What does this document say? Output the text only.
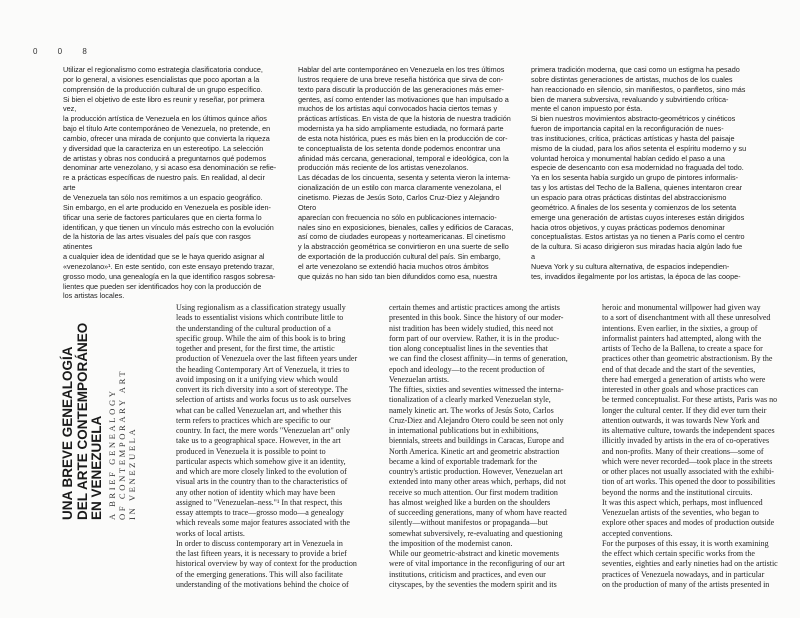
0 0 8

Utilizar el regionalismo como estrategia clasificatoria conduce,
por lo general, a visiones esencialistas que poco aportan a la
comprensión de la producción cultural de un grupo específico.
Si bien el objetivo de este libro es reunir y reseñar, por primera vez,
la producción artística de Venezuela en los últimos quince años
bajo el título Arte contemporáneo de Venezuela, no pretende, en
cambio, ofrecer una mirada de conjunto que convierta la riqueza
y diversidad que la caracteriza en un estereotipo. La selección
de artistas y obras nos conducirá a preguntarnos qué podemos
denominar arte venezolano, y si acaso esa denominación se refie-
re a prácticas específicas de nuestro país. En realidad, al decir arte
de Venezuela tan sólo nos remitimos a un espacio geográfico.
Sin embargo, en el arte producido en Venezuela es posible iden-
tificar una serie de factores particulares que en cierta forma lo
identifican, y que tienen un vínculo más estrecho con la evolución
de la historia de las artes visuales del país que con rasgos atinentes
a cualquier idea de identidad que se le haya querido asignar al
«venezolano»¹. En este sentido, con este ensayo pretendo trazar,
grosso modo, una genealogía en la que identifico rasgos sobresa-
lientes que pueden ser identificados hoy con la producción de
los artistas locales.

Hablar del arte contemporáneo en Venezuela en los tres últimos
lustros requiere de una breve reseña histórica que sirva de con-
texto para discutir la producción de las generaciones más emer-
gentes, así como entender las motivaciones que han impulsado a
muchos de los artistas aquí convocados hacia ciertos temas y
prácticas artísticas. En vista de que la historia de nuestra tradición
modernista ya ha sido ampliamente estudiada, no formará parte
de esta nota histórica, pues es más bien en la producción de cor-
te conceptualista de los setenta donde podemos encontrar una
afinidad más cercana, generacional, temporal e ideológica, con la
producción más reciente de los artistas venezolanos.
Las décadas de los cincuenta, sesenta y setenta vieron la interna-
cionalización de un estilo con marca claramente venezolana, el
cinetismo. Piezas de Jesús Soto, Carlos Cruz-Diez y Alejandro Otero
aparecían con frecuencia no sólo en publicaciones internacio-
nales sino en exposiciones, bienales, calles y edificios de Caracas,
así como de ciudades europeas y norteamericanas. El cinetismo
y la abstracción geométrica se convirtieron en una suerte de sello
de exportación de la producción cultural del país. Sin embargo,
el arte venezolano se extendió hacia muchos otros ámbitos
que quizás no han sido tan bien difundidos como esa, nuestra

primera tradición moderna, que casi como un estigma ha pesado
sobre distintas generaciones de artistas, muchos de los cuales
han reaccionado en silencio, sin manifiestos, o panfletos, sino más
bien de manera subversiva, revaluando y subvirtiendo crítica-
mente el canon impuesto por ésta.
Si bien nuestros movimientos abstracto-geométricos y cinéticos
fueron de importancia capital en la reconfiguración de nues-
tras instituciones, crítica, prácticas artísticas y hasta del paisaje
mismo de la ciudad, para los años setenta el espíritu moderno y su
voluntad heroica y monumental habían cedido el paso a una
especie de desencanto con esa modernidad no fraguada del todo.
Ya en los sesenta había surgido un grupo de pintores informalis-
tas y los artistas del Techo de la Ballena, quienes intentaron crear
un espacio para otras prácticas distintas del abstraccionismo
geométrico. A finales de los sesenta y comienzos de los setenta
emerge una generación de artistas cuyos intereses están dirigidos
hacia otros objetivos, y cuyas prácticas podemos denominar
conceptualistas. Estos artistas ya no tienen a París como el centro
de la cultura. Si acaso dirigieron sus miradas hacia algún lado fue a
Nueva York y su cultura alternativa, de espacios independien-
tes, invadidos ilegalmente por los artistas, la época de las coope-

UNA BREVE GENEALOGÍA
DEL ARTE CONTEMPORÁNEO
EN VENEZUELA

A BRIEF GENEALOGY
OF CONTEMPORARY ART
IN VENEZUELA

Using regionalism as a classification strategy usually
leads to essentialist visions which contribute little to
the understanding of the cultural production of a
specific group. While the aim of this book is to bring
together and present, for the first time, the artistic
production of Venezuela over the last fifteen years under
the heading Contemporary Art of Venezuela, it tries to
avoid imposing on it a unifying view which would
convert its rich diversity into a sort of stereotype. The
selection of artists and works focus us to ask ourselves
what can be called Venezuelan art, and whether this
term refers to practices which are specific to our
country. In fact, the mere words "Venezuelan art" only
take us to a geographical space. However, in the art
produced in Venezuela it is possible to point to
particular aspects which somehow give it an identity,
and which are more closely linked to the evolution of
visual arts in the country than to the characteristics of
any other notion of identity which may have been
assigned to "Venezuelan–ness."¹ In that respect, this
essay attempts to trace—grosso modo—a genealogy
which reveals some major features associated with the
works of local artists.
In order to discuss contemporary art in Venezuela in
the last fifteen years, it is necessary to provide a brief
historical overview by way of context for the production
of the emerging generations. This will also facilitate
understanding of the motivations behind the choice of

certain themes and artistic practices among the artists
presented in this book. Since the history of our moder-
nist tradition has been widely studied, this need not
form part of our overview. Rather, it is in the produc-
tion along conceptualist lines in the seventies that
we can find the closest affinity—in terms of generation,
epoch and ideology—to the recent production of
Venezuelan artists.
The fifties, sixties and seventies witnessed the interna-
tionalization of a clearly marked Venezuelan style,
namely kinetic art. The works of Jesús Soto, Carlos
Cruz-Diez and Alejandro Otero could be seen not only
in international publications but in exhibitions,
biennials, streets and buildings in Caracas, Europe and
North America. Kinetic art and geometric abstraction
became a kind of exportable trademark for the
country's artistic production. However, Venezuelan art
extended into many other areas which, perhaps, did not
receive so much attention. Our first modern tradition
has almost weighed like a burden on the shoulders
of succeeding generations, many of whom have reacted
silently—without manifestos or propaganda—but
somewhat subversively, re-evaluating and questioning
the imposition of the modernist canon.
While our geometric-abstract and kinetic movements
were of vital importance in the reconfiguring of our art
institutions, criticism and practices, and even our
cityscapes, by the seventies the modern spirit and its

heroic and monumental willpower had given way
to a sort of disenchantment with all these unresolved
intentions. Even earlier, in the sixties, a group of
informalist painters had attempted, along with the
artists of Techo de la Ballena, to create a space for
practices other than geometric abstractionism. By the
end of that decade and the start of the seventies,
there had emerged a generation of artists who were
interested in other goals and whose practices can
be termed conceptualist. For these artists, Paris was no
longer the cultural center. If they did ever turn their
attention outwards, it was towards New York and
its alternative culture, towards the independent spaces
illicitly invaded by artists in the era of co-operatives
and non-profits. Many of their creations—some of
which were never recorded—took place in the streets
or other places not usually associated with the exhibi-
tion of art works. This opened the door to possibilities
beyond the norms and the institutional circuits.
It was this aspect which, perhaps, most influenced
Venezuelan artists of the seventies, who began to
explore other spaces and modes of production outside
accepted conventions.
For the purposes of this essay, it is worth examining
the effect which certain specific works from the
seventies, eighties and early nineties had on the artistic
practices of Venezuela nowadays, and in particular
on the production of many of the artists presented in
